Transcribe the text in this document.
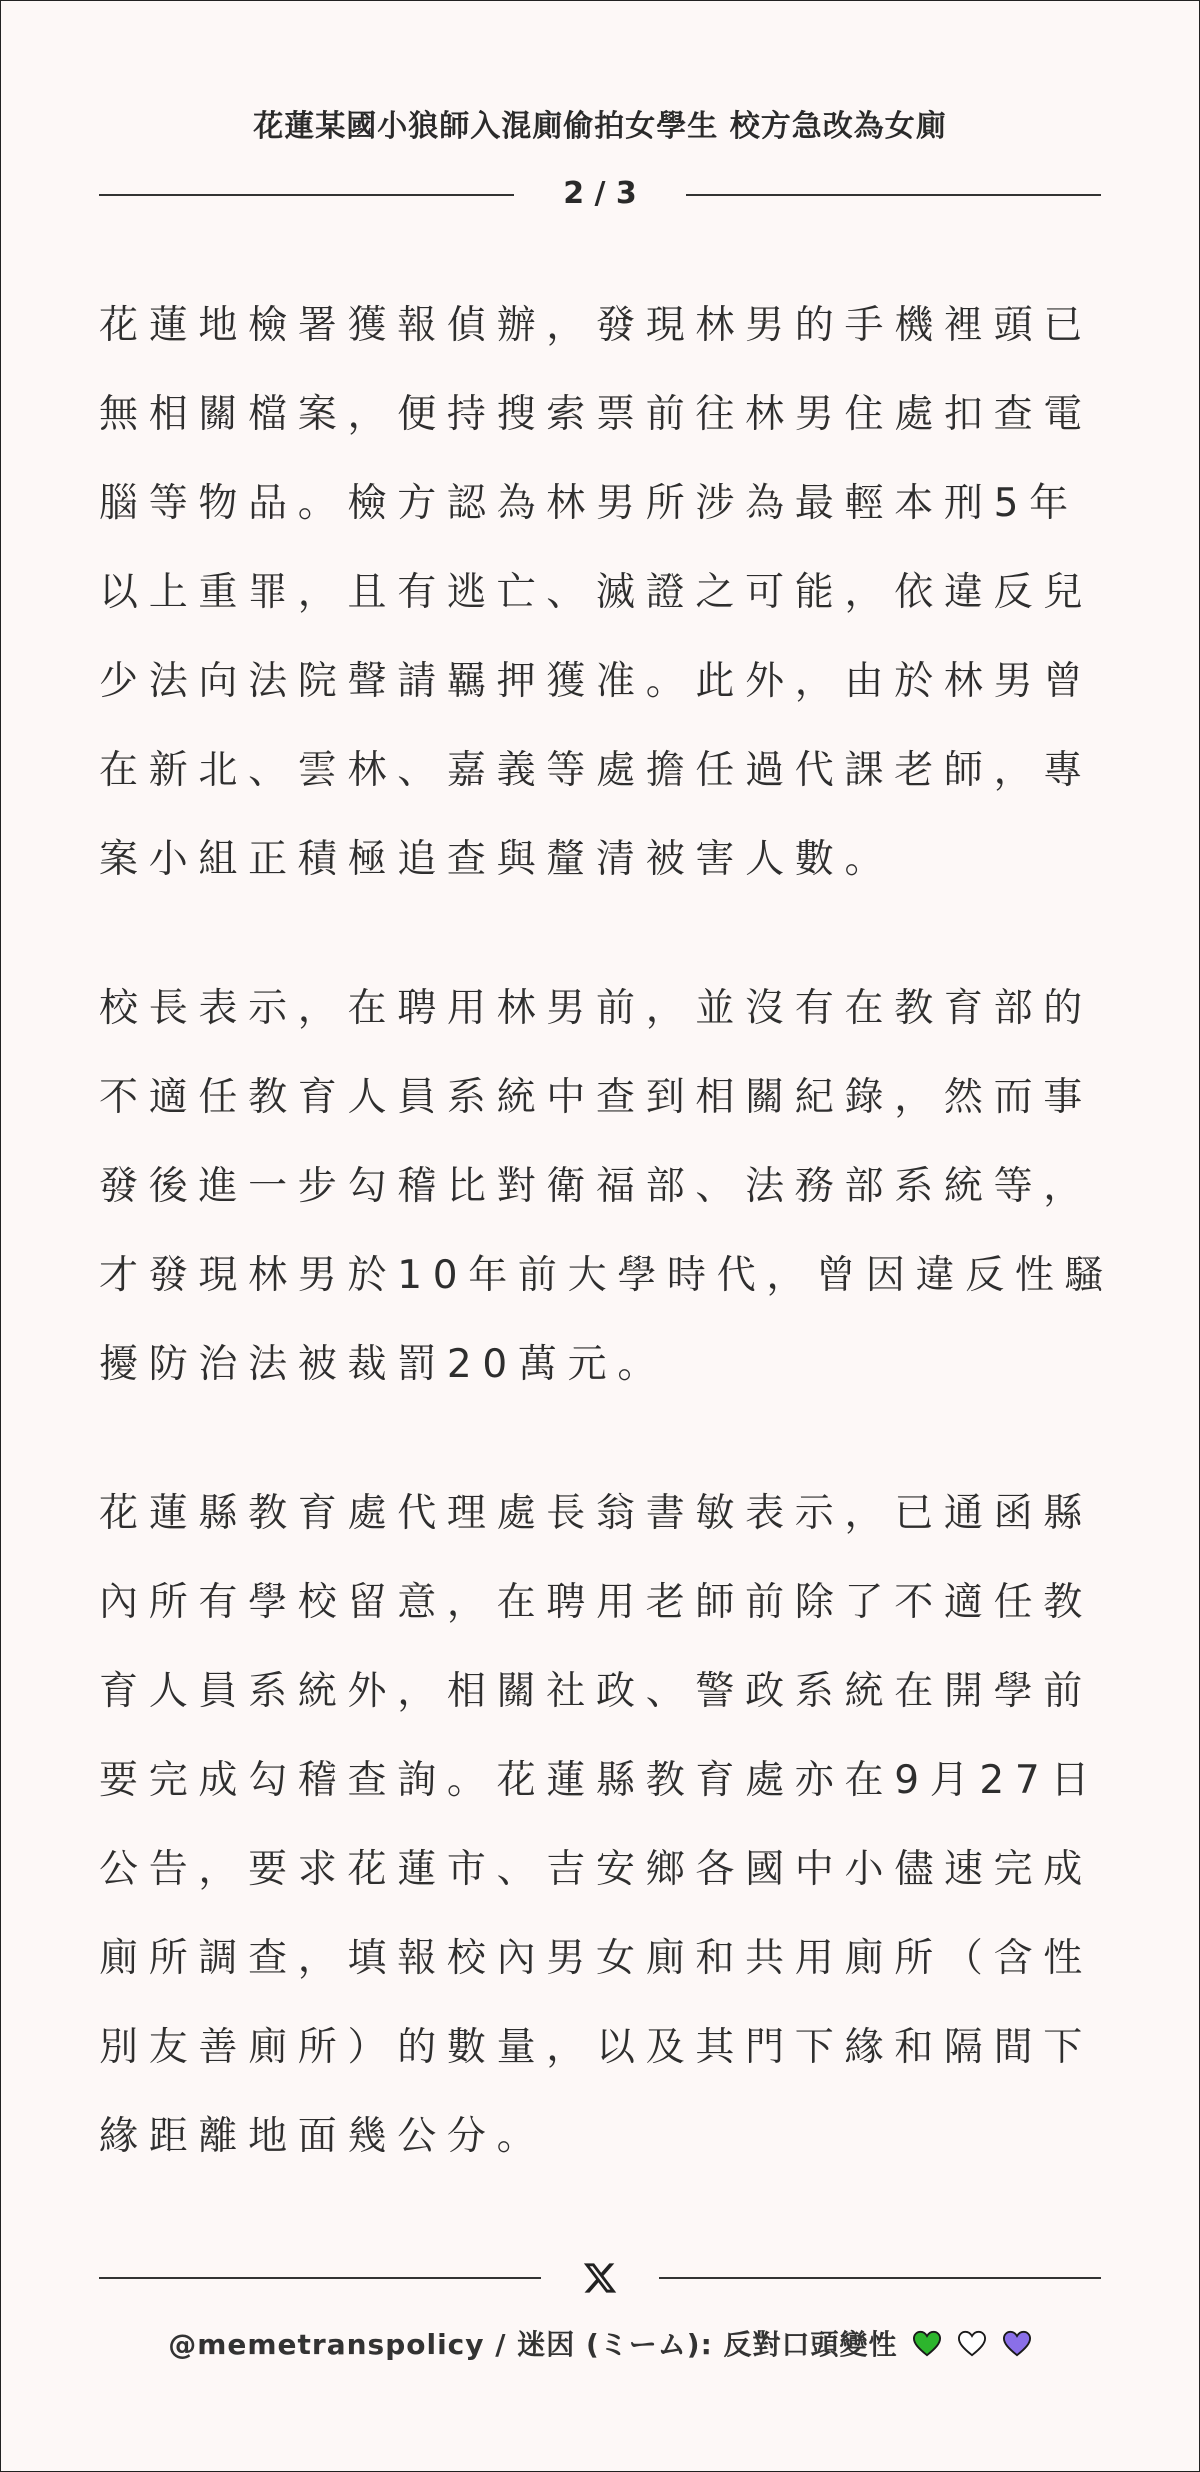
花蓮某國小狼師入混廁偷拍女學生 校方急改為女廁
2 / 3

花蓮地檢署獲報偵辦，發現林男的手機裡頭已
無相關檔案，便持搜索票前往林男住處扣查電
腦等物品。檢方認為林男所涉為最輕本刑5年
以上重罪，且有逃亡、滅證之可能，依違反兒
少法向法院聲請羈押獲准。此外，由於林男曾
在新北、雲林、嘉義等處擔任過代課老師，專
案小組正積極追查與釐清被害人數。

校長表示，在聘用林男前，並沒有在教育部的
不適任教育人員系統中查到相關紀錄，然而事
發後進一步勾稽比對衛福部、法務部系統等，
才發現林男於10年前大學時代，曾因違反性騷
擾防治法被裁罰20萬元。

花蓮縣教育處代理處長翁書敏表示，已通函縣
內所有學校留意，在聘用老師前除了不適任教
育人員系統外，相關社政、警政系統在開學前
要完成勾稽查詢。花蓮縣教育處亦在9月27日
公告，要求花蓮市、吉安鄉各國中小儘速完成
廁所調查，填報校內男女廁和共用廁所（含性
別友善廁所）的數量，以及其門下緣和隔間下
緣距離地面幾公分。

@memetranspolicy / 迷因 (ミーム): 反對口頭變性
